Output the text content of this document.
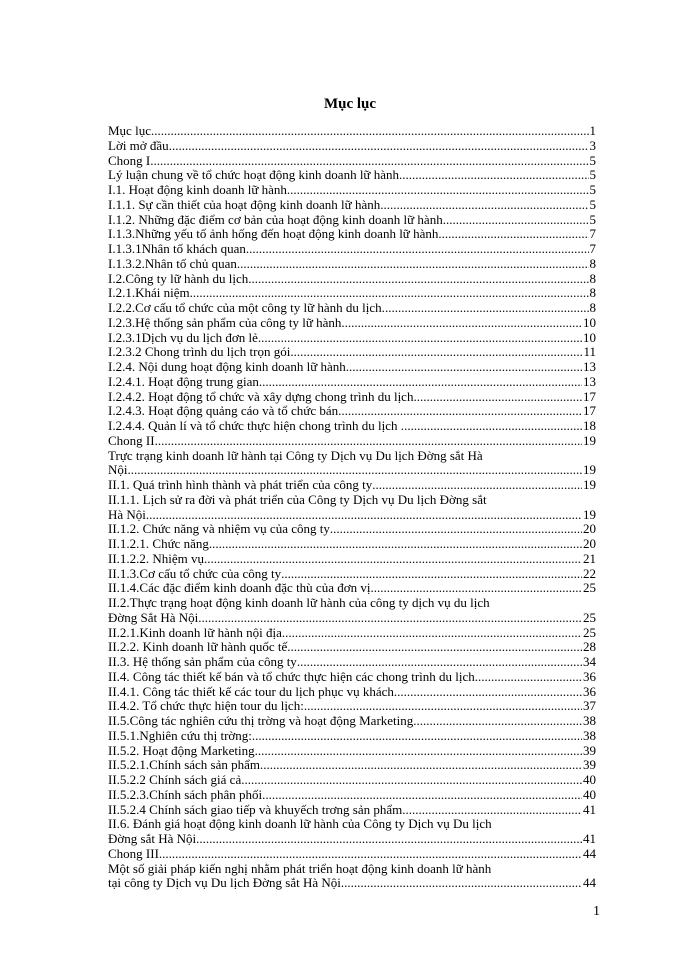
Mục lục
Mục lục .....	1
Lời mở đầu .....	3
Chong I .....	5
Lý luận chung về tổ chức hoạt động kinh doanh lữ hành .....	5
I.1. Hoạt động kinh doanh lữ hành .....	5
I.1.1. Sự cần thiết của hoạt động kinh doanh lữ hành .....	5
I.1.2. Những đặc điểm cơ bản của hoạt động kinh doanh lữ hành .....	5
I.1.3.Những yếu tố ảnh hống đến hoạt động kinh doanh lữ hành .....	7
I.1.3.1Nhân tố khách quan .....	7
I.1.3.2.Nhân tố chủ quan. .....	8
I.2.Công ty lữ hành du lịch. .....	8
I.2.1.Khái niệm .....	8
I.2.2.Cơ cấu tổ chức của một công ty lữ hành du lịch. .....	8
I.2.3.Hệ thống sản phẩm của công ty lữ hành .....	10
I.2.3.1Dịch vụ du lịch đơn lẻ. .....	10
I.2.3.2 Chong trình du lịch trọn gói. .....	11
I.2.4. Nội dung hoạt động kinh doanh lữ hành. .....	13
I.2.4.1. Hoạt động trung gian .....	13
I.2.4.2. Hoạt động tổ chức và xây dựng chong trình du lịch .....	17
I.2.4.3. Hoạt động quảng cáo và tổ chức bán .....	17
I.2.4.4. Quản lí và tổ chức thực hiện chong trình du lịch . .....	18
Chong II .....	19
Trực trạng kinh doanh lữ hành tại Công ty Dịch vụ Du lịch Đờng sắt Hà
Nội .....	19
II.1. Quá trình hình thành và phát triển của công ty .....	19
II.1.1. Lịch sử ra đời và phát triển của Công ty Dịch vụ Du lịch Đờng sắt
Hà Nội .....	19
II.1.2. Chức năng và nhiệm vụ của công ty .....	20
II.1.2.1. Chức năng .....	20
II.1.2.2. Nhiệm vụ .....	21
II.1.3.Cơ cấu tổ chức của công ty .....	22
II.1.4.Các đặc điểm kinh doanh đặc thù của đơn vị. .....	25
II.2.Thực trạng hoạt động kinh doanh lữ hành của công ty dịch vụ du lịch
Đờng Sắt Hà Nội .....	25
II.2.1.Kinh doanh lữ hành nội địa. .....	25
II.2.2. Kinh doanh lữ hành quốc tế. .....	28
II.3. Hệ thống sản phẩm của công ty .....	34
II.4. Công tác thiết kế bán và tổ chức thực hiện các chong trình du lịch .....	36
II.4.1. Công tác thiết kế các tour du lịch phục vụ khách .....	36
II.4.2. Tổ chức thực hiện tour du lịch: .....	37
II.5.Công tác nghiên cứu thị trờng và hoạt động Marketing .....	38
II.5.1.Nghiên cứu thị trờng: .....	38
II.5.2. Hoạt động Marketing. .....	39
II.5.2.1.Chính sách sản phẩm .....	39
II.5.2.2 Chính sách giá cả. .....	40
II.5.2.3.Chính sách phân phối. .....	40
II.5.2.4 Chính sách giao tiếp và khuyếch trơng sản phẩm. .....	41
II.6. Đánh giá hoạt động kinh doanh lữ hành của Công ty Dịch vụ Du lịch
Đờng sắt Hà Nội. .....	41
Chong III .....	44
Một số giải pháp kiến nghị nhằm phát triển hoạt động kinh doanh lữ hành
tại công ty Dịch vụ Du lịch Đờng sắt Hà Nội .....	44
1
